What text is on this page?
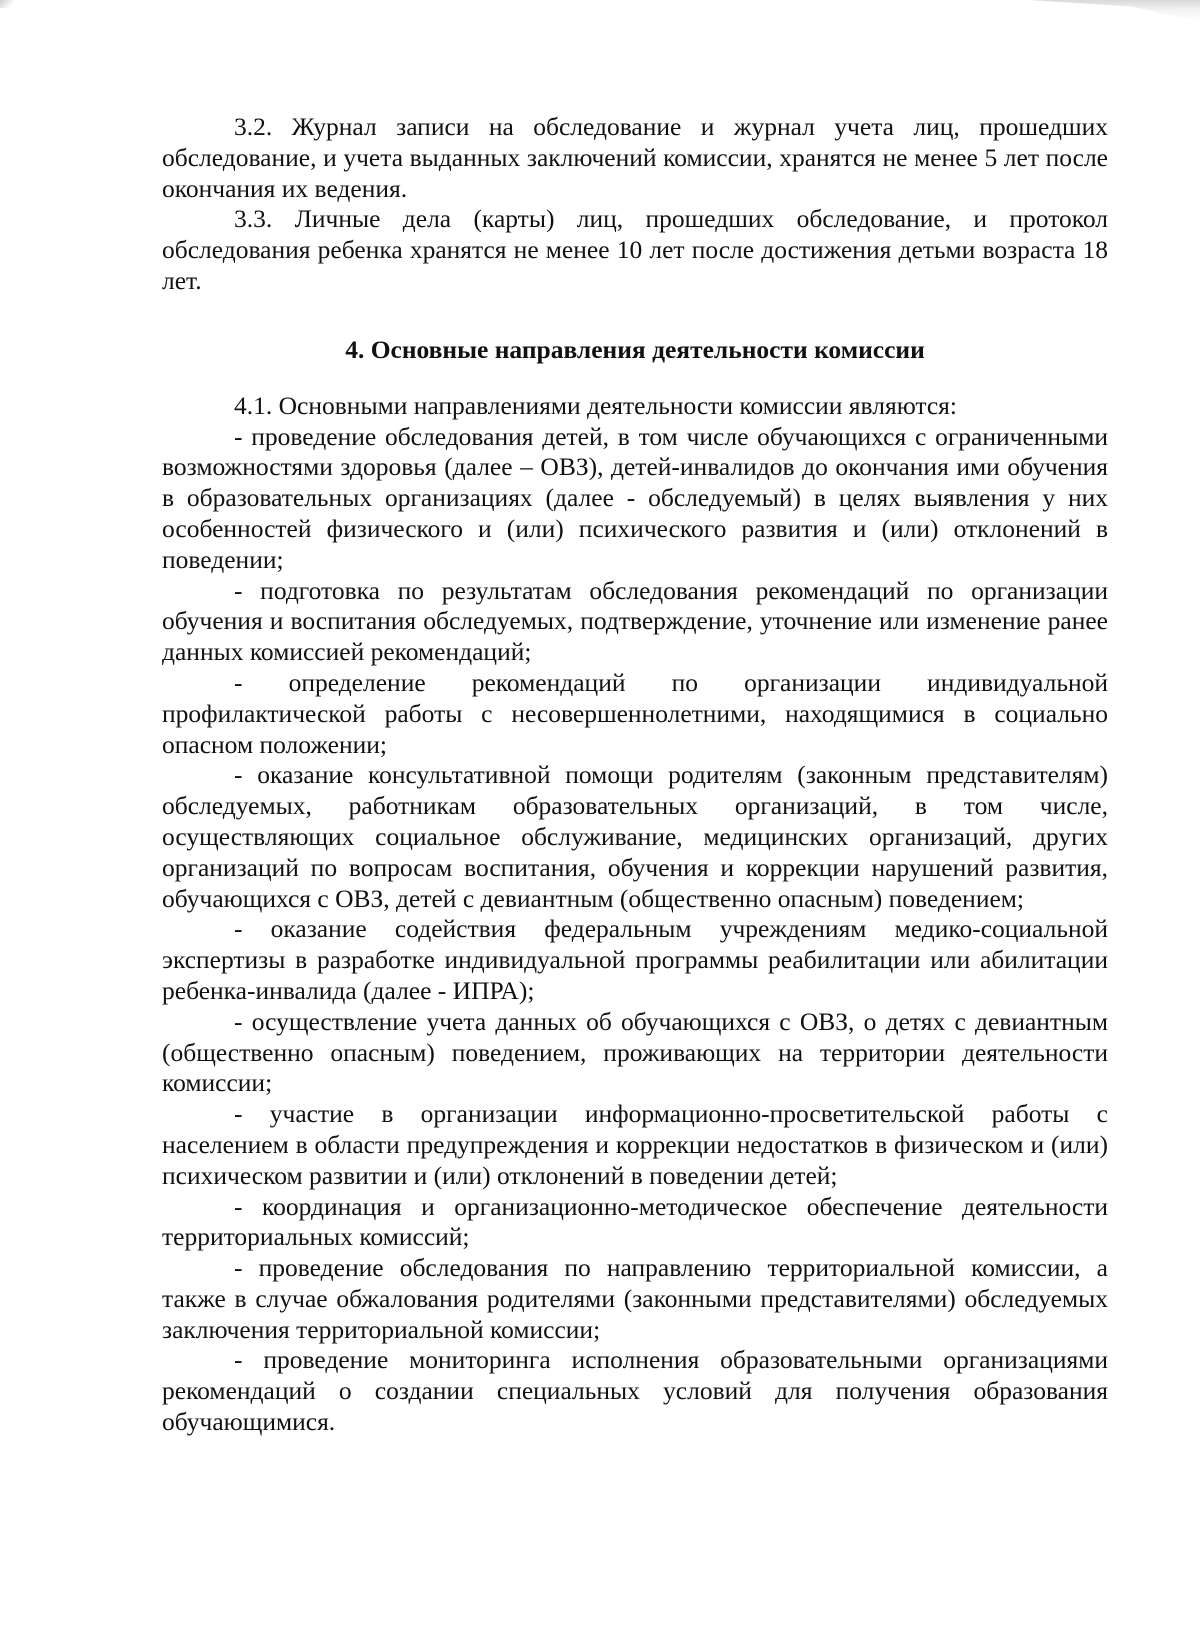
3.2. Журнал записи на обследование и журнал учета лиц, прошедших обследование, и учета выданных заключений комиссии, хранятся не менее 5 лет после окончания их ведения.

3.3. Личные дела (карты) лиц, прошедших обследование, и протокол обследования ребенка хранятся не менее 10 лет после достижения детьми возраста 18 лет.

4. Основные направления деятельности комиссии

4.1. Основными направлениями деятельности комиссии являются:

- проведение обследования детей, в том числе обучающихся с ограниченными возможностями здоровья (далее – ОВЗ), детей-инвалидов до окончания ими обучения в образовательных организациях (далее - обследуемый) в целях выявления у них особенностей физического и (или) психического развития и (или) отклонений в поведении;

- подготовка по результатам обследования рекомендаций по организации обучения и воспитания обследуемых, подтверждение, уточнение или изменение ранее данных комиссией рекомендаций;

- определение рекомендаций по организации индивидуальной профилактической работы с несовершеннолетними, находящимися в социально опасном положении;

- оказание консультативной помощи родителям (законным представителям) обследуемых, работникам образовательных организаций, в том числе, осуществляющих социальное обслуживание, медицинских организаций, других организаций по вопросам воспитания, обучения и коррекции нарушений развития, обучающихся с ОВЗ, детей с девиантным (общественно опасным) поведением;

- оказание содействия федеральным учреждениям медико-социальной экспертизы в разработке индивидуальной программы реабилитации или абилитации ребенка-инвалида (далее - ИПРА);

- осуществление учета данных об обучающихся с ОВЗ, о детях с девиантным (общественно опасным) поведением, проживающих на территории деятельности комиссии;

- участие в организации информационно-просветительской работы с населением в области предупреждения и коррекции недостатков в физическом и (или) психическом развитии и (или) отклонений в поведении детей;

- координация и организационно-методическое обеспечение деятельности территориальных комиссий;

- проведение обследования по направлению территориальной комиссии, а также в случае обжалования родителями (законными представителями) обследуемых заключения территориальной комиссии;

- проведение мониторинга исполнения образовательными организациями рекомендаций о создании специальных условий для получения образования обучающимися.
